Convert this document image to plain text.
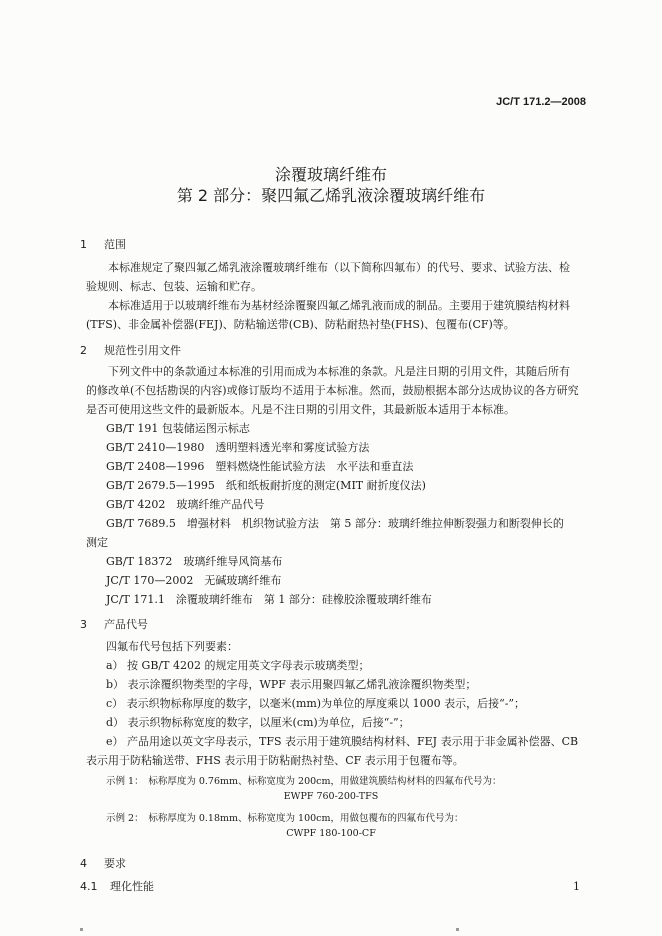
JC/T 171.2—2008
涂覆玻璃纤维布
第 2 部分：聚四氟乙烯乳液涂覆玻璃纤维布
1 范围
本标准规定了聚四氟乙烯乳液涂覆玻璃纤维布（以下简称四氟布）的代号、要求、试验方法、检验规则、标志、包装、运输和贮存。
本标准适用于以玻璃纤维布为基材经涂覆聚四氟乙烯乳液而成的制品。主要用于建筑膜结构材料(TFS)、非金属补偿器(FEJ)、防粘输送带(CB)、防粘耐热衬垫(FHS)、包覆布(CF)等。
2 规范性引用文件
下列文件中的条款通过本标准的引用而成为本标准的条款。凡是注日期的引用文件，其随后所有的修改单(不包括勘误的内容)或修订版均不适用于本标准。然而，鼓励根据本部分达成协议的各方研究是否可使用这些文件的最新版本。凡是不注日期的引用文件，其最新版本适用于本标准。
GB/T 191 包装储运图示标志
GB/T 2410—1980　透明塑料透光率和雾度试验方法
GB/T 2408—1996　塑料燃烧性能试验方法　水平法和垂直法
GB/T 2679.5—1995　纸和纸板耐折度的测定(MIT 耐折度仪法)
GB/T 4202　玻璃纤维产品代号
GB/T 7689.5　增强材料　机织物试验方法　第 5 部分：玻璃纤维拉伸断裂强力和断裂伸长的
测定
GB/T 18372　玻璃纤维导风筒基布
JC/T 170—2002　无碱玻璃纤维布
JC/T 171.1　涂覆玻璃纤维布　第 1 部分：硅橡胶涂覆玻璃纤维布
3 产品代号
四氟布代号包括下列要素：
a） 按 GB/T 4202 的规定用英文字母表示玻璃类型；
b） 表示涂覆织物类型的字母，WPF 表示用聚四氟乙烯乳液涂覆织物类型；
c） 表示织物标称厚度的数字，以毫米(mm)为单位的厚度乘以 1000 表示，后接“-”；
d） 表示织物标称宽度的数字，以厘米(cm)为单位，后接“-”；
e） 产品用途以英文字母表示，TFS 表示用于建筑膜结构材料、FEJ 表示用于非金属补偿器、CB
表示用于防粘输送带、FHS 表示用于防粘耐热衬垫、CF 表示用于包覆布等。
示例 1：　标称厚度为 0.76mm、标称宽度为 200cm，用做建筑膜结构材料的四氟布代号为：
EWPF 760-200-TFS
示例 2：　标称厚度为 0.18mm、标称宽度为 100cm，用做包覆布的四氟布代号为：
CWPF 180-100-CF
4 要求
4.1 理化性能	1
